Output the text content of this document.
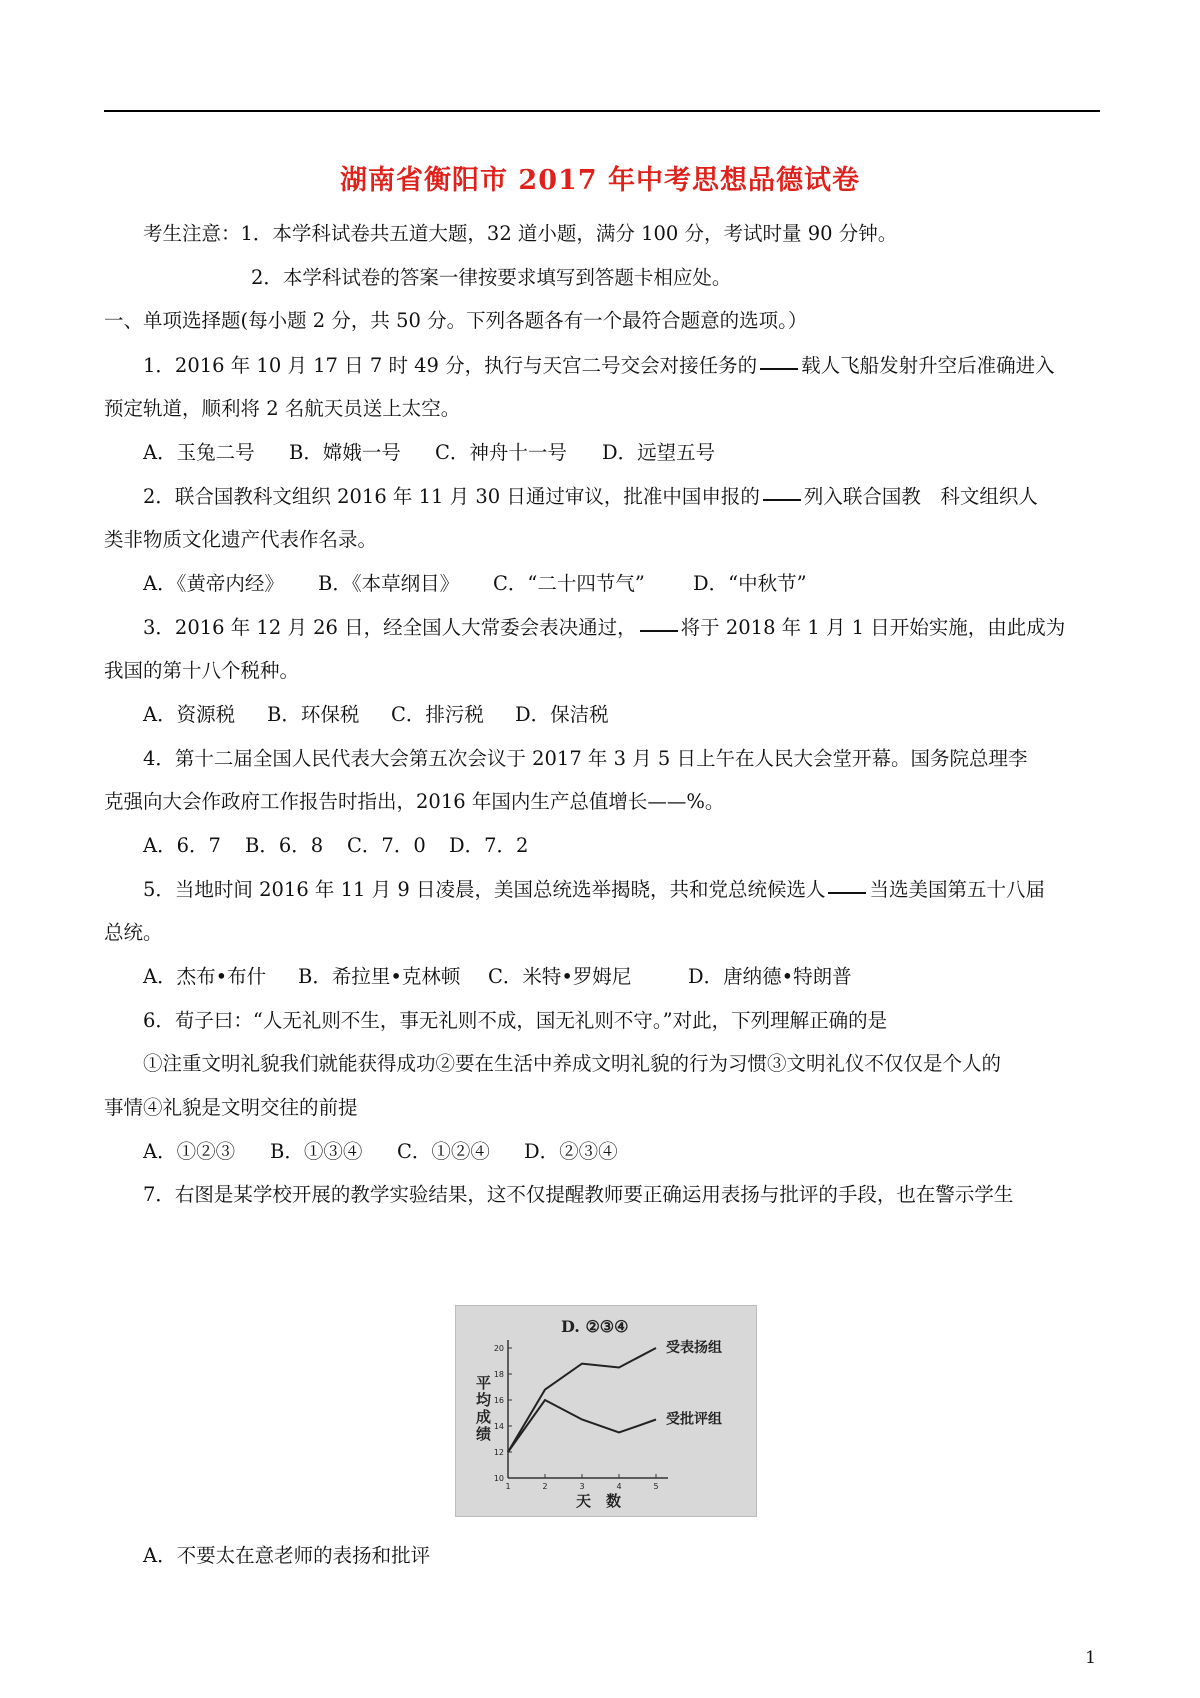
湖南省衡阳市 2017 年中考思想品德试卷
考生注意：1．本学科试卷共五道大题，32 道小题，满分 100 分，考试时量 90 分钟。
2．本学科试卷的答案一律按要求填写到答题卡相应处。
一、单项选择题(每小题 2 分，共 50 分。下列各题各有一个最符合题意的选项。）
1．2016 年 10 月 17 日 7 时 49 分，执行与天宫二号交会对接任务的 载人飞船发射升空后准确进入
预定轨道，顺利将 2 名航天员送上太空。
A．玉兔二号 B．嫦娥一号 C．神舟十一号 D．远望五号
2．联合国教科文组织 2016 年 11 月 30 日通过审议，批准中国申报的 列入联合国教　科文组织人
类非物质文化遗产代表作名录。
A．《黄帝内经》 B．《本草纲目》 C．“二十四节气” D．“中秋节”
3．2016 年 12 月 26 日，经全国人大常委会表决通过， 将于 2018 年 1 月 1 日开始实施，由此成为
我国的第十八个税种。
A．资源税 B．环保税 C．排污税 D．保洁税
4．第十二届全国人民代表大会第五次会议于 2017 年 3 月 5 日上午在人民大会堂开幕。国务院总理李
克强向大会作政府工作报告时指出，2016 年国内生产总值增长——%。
A．6．7 B．6．8 C．7．0 D．7．2
5．当地时间 2016 年 11 月 9 日凌晨，美国总统选举揭晓，共和党总统候选人 当选美国第五十八届
总统。
A．杰布•布什 B．希拉里•克林顿 C．米特•罗姆尼	D．唐纳德•特朗普
6．荀子曰：“人无礼则不生，事无礼则不成，国无礼则不守。”对此，下列理解正确的是
①注重文明礼貌我们就能获得成功②要在生活中养成文明礼貌的行为习惯③文明礼仪不仅仅是个人的
事情④礼貌是文明交往的前提
A．①②③ B．①③④ C．①②④ D．②③④
7．右图是某学校开展的教学实验结果，这不仅提醒教师要正确运用表扬与批评的手段，也在警示学生
D. ②③④
10
12
14
16
18
20
1	2	3	4	5
平
均
成
绩
天　数
受表扬组
受批评组
A．不要太在意老师的表扬和批评
1
